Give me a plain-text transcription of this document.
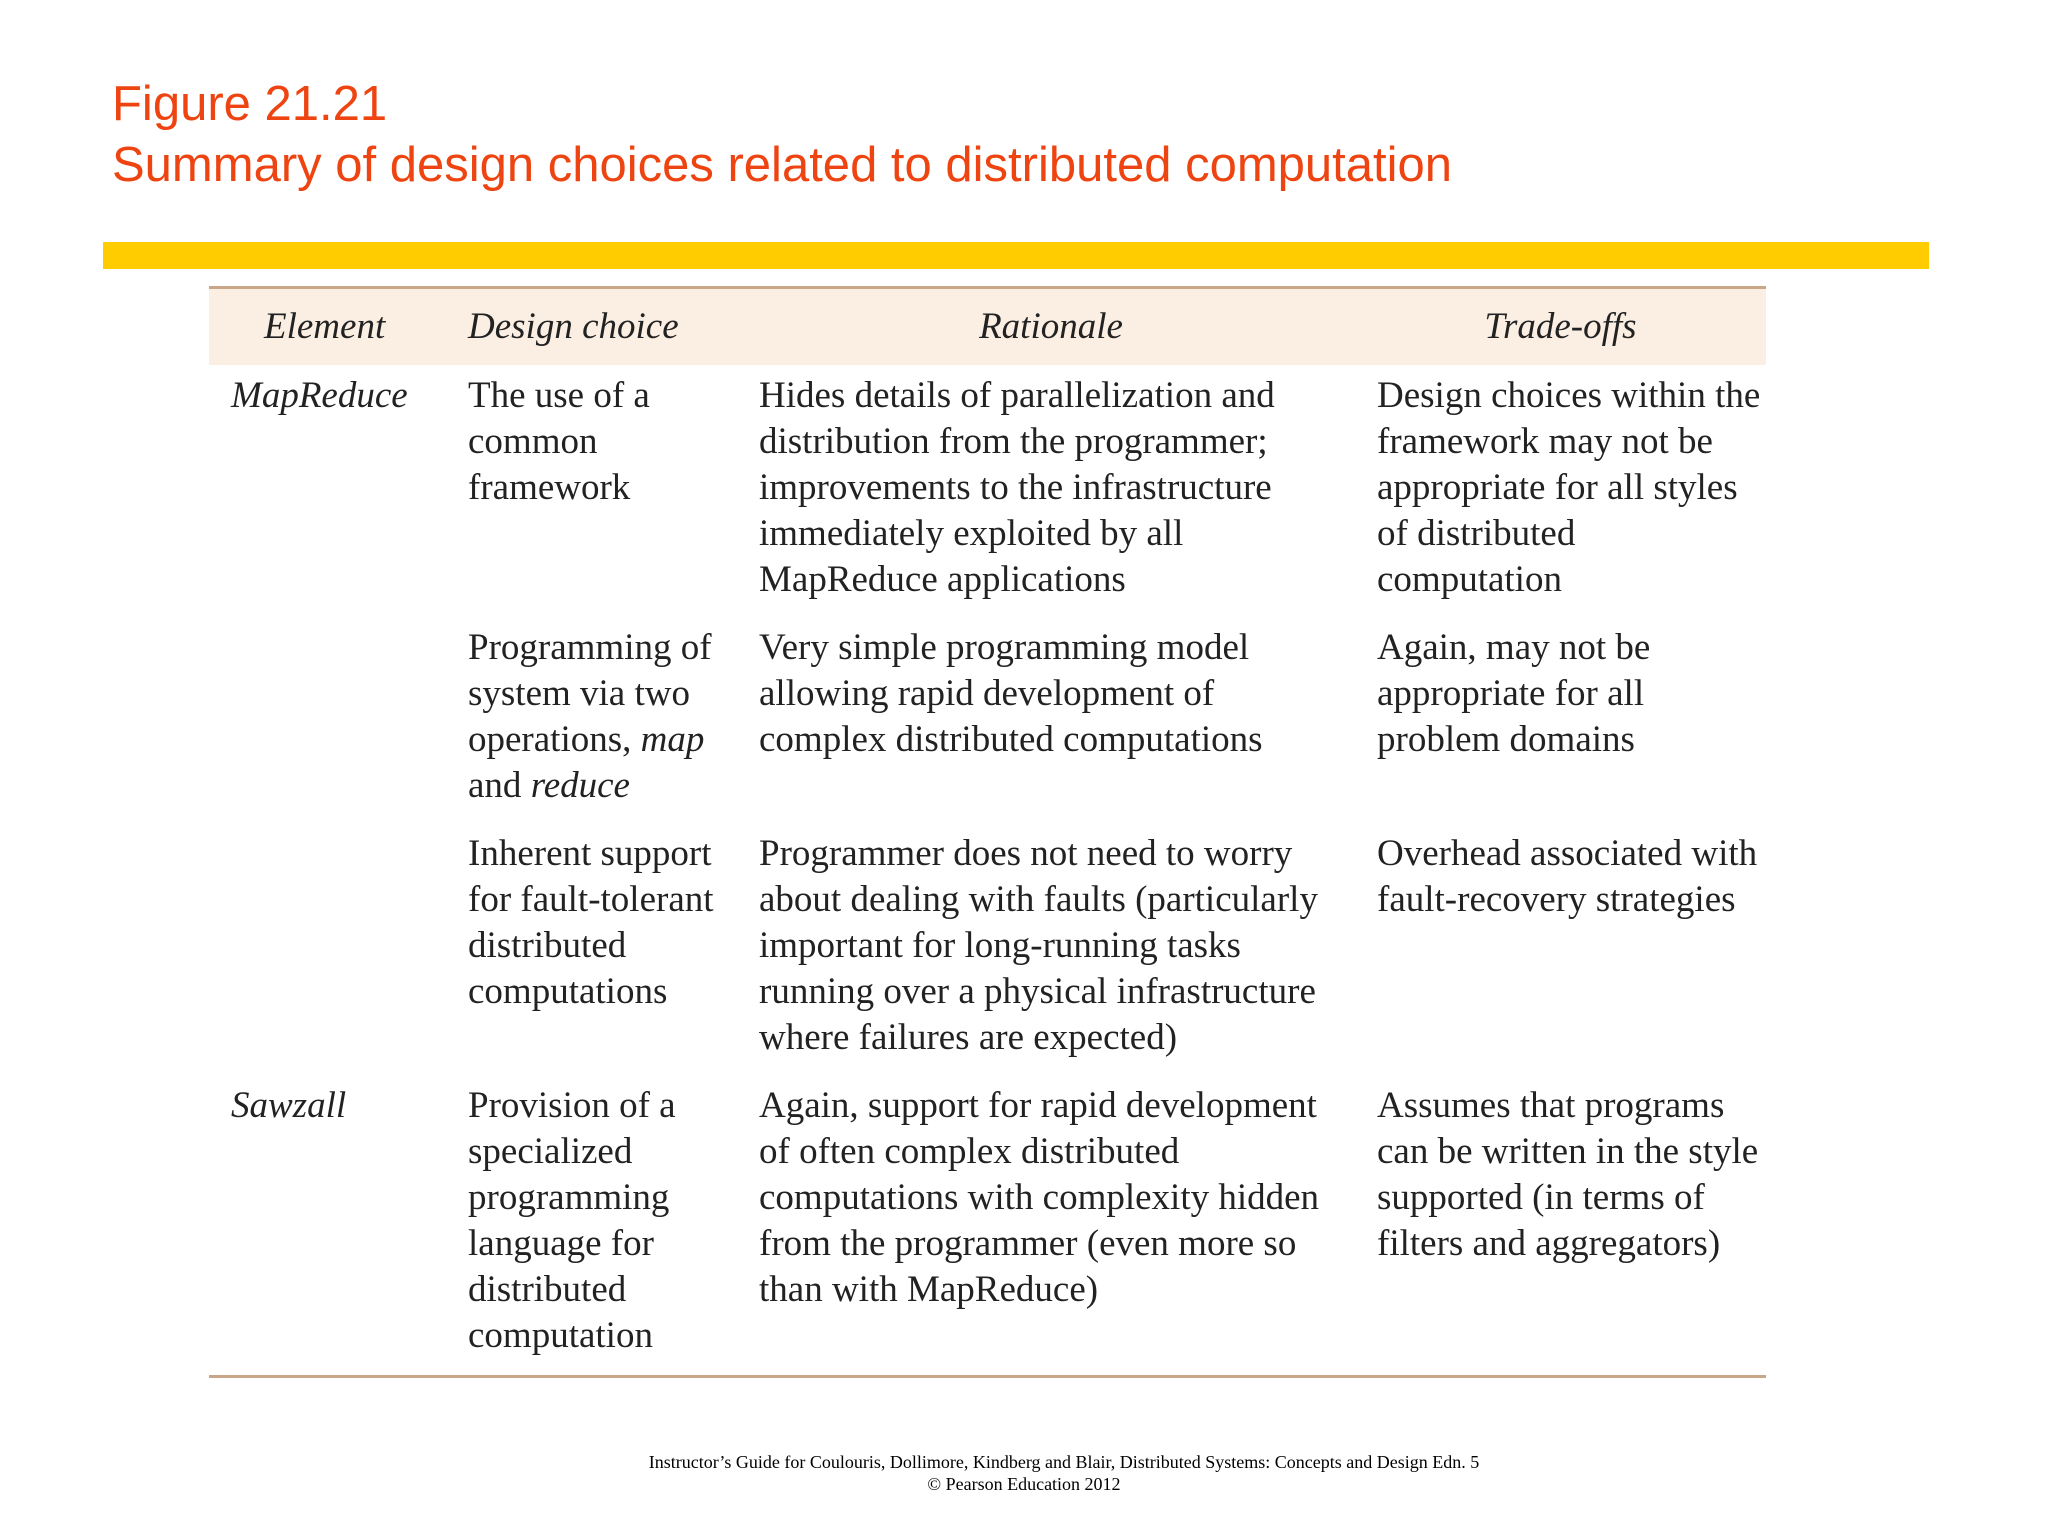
Figure 21.21
Summary of design choices related to distributed computation
Element	Design choice	Rationale	Trade-offs
MapReduce	The use of a common framework	Hides details of parallelization and distribution from the programmer; improvements to the infrastructure immediately exploited by all MapReduce applications	Design choices within the framework may not be appropriate for all styles of distributed computation
	Programming of system via two operations, map and reduce	Very simple programming model allowing rapid development of complex distributed computations	Again, may not be appropriate for all problem domains
	Inherent support for fault-tolerant distributed computations	Programmer does not need to worry about dealing with faults (particularly important for long-running tasks running over a physical infrastructure where failures are expected)	Overhead associated with fault-recovery strategies
Sawzall	Provision of a specialized programming language for distributed computation	Again, support for rapid development of often complex distributed computations with complexity hidden from the programmer (even more so than with MapReduce)	Assumes that programs can be written in the style supported (in terms of filters and aggregators)
Instructor’s Guide for Coulouris, Dollimore, Kindberg and Blair, Distributed Systems: Concepts and Design Edn. 5
© Pearson Education 2012
